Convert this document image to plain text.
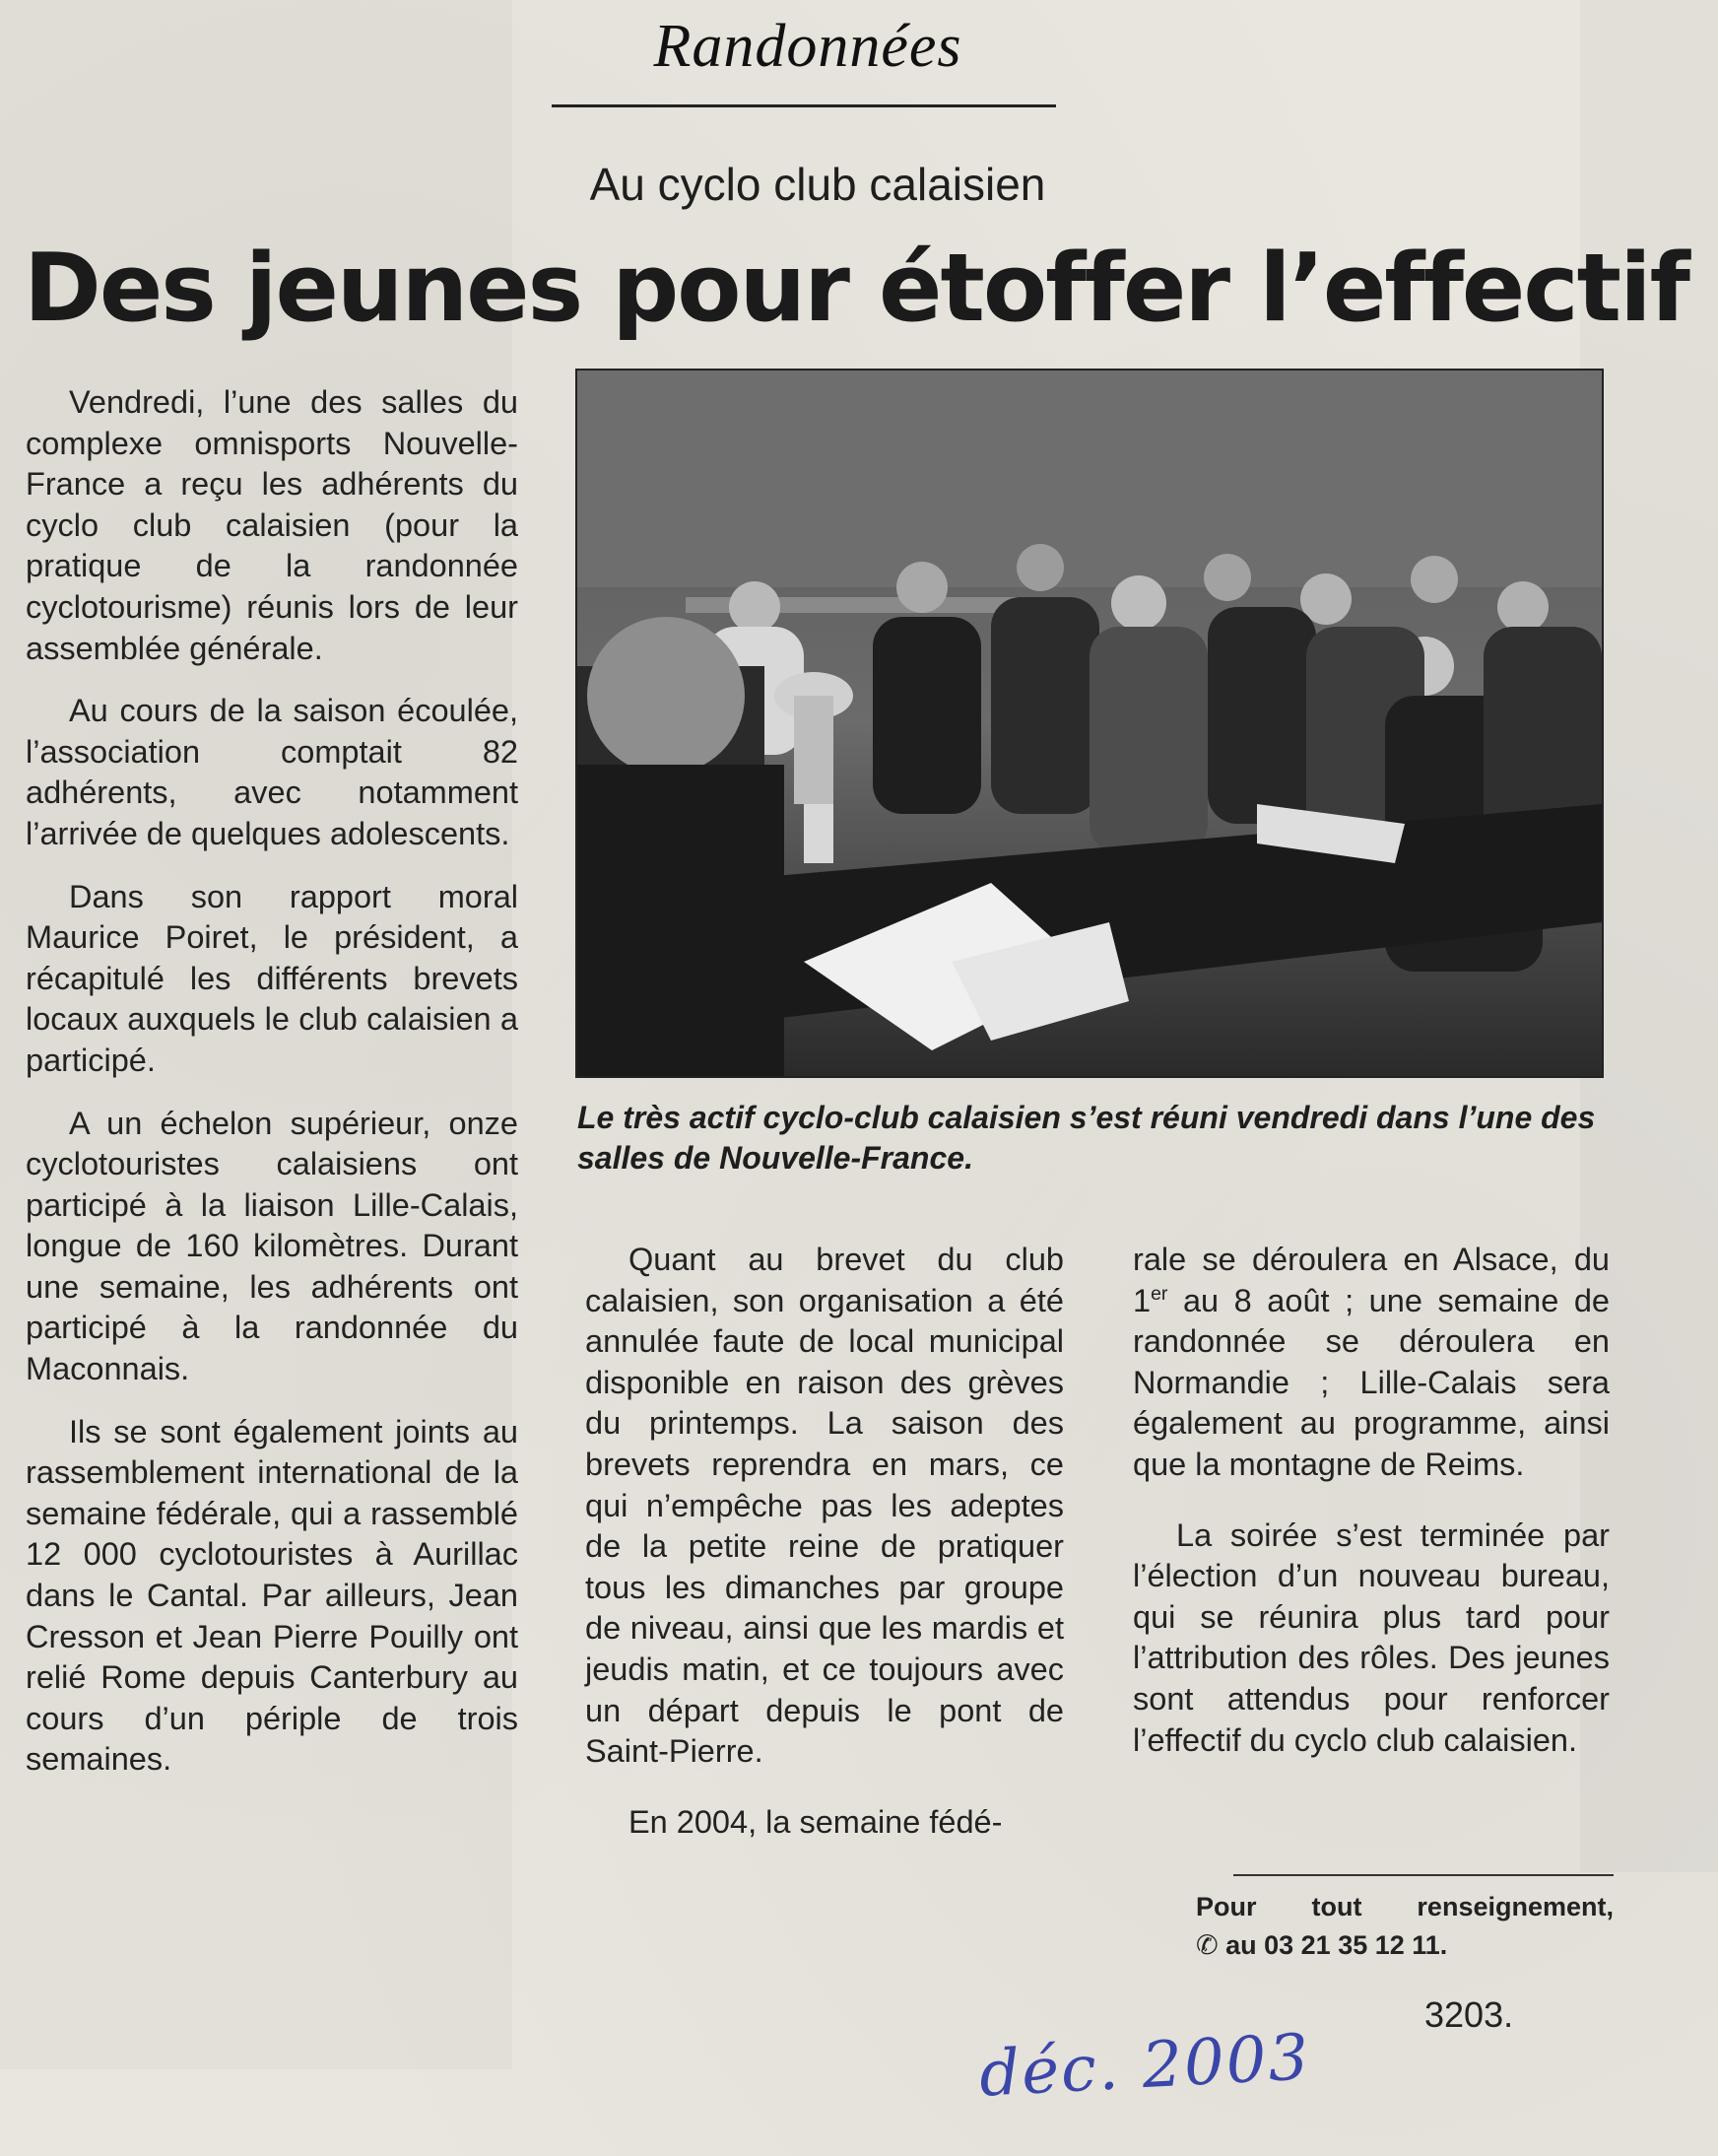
Randonnées
Au cyclo club calaisien
Des jeunes pour étoffer l’effectif

Vendredi, l’une des salles du complexe omnisports Nouvelle-France a reçu les adhérents du cyclo club calaisien (pour la pratique de la randonnée cyclotourisme) réunis lors de leur assemblée générale.

Au cours de la saison écoulée, l’association comptait 82 adhérents, avec notamment l’arrivée de quelques adolescents.

Dans son rapport moral Maurice Poiret, le président, a récapitulé les différents brevets locaux auxquels le club calaisien a participé.

A un échelon supérieur, onze cyclotouristes calaisiens ont participé à la liaison Lille-Calais, longue de 160 kilomètres. Durant une semaine, les adhérents ont participé à la randonnée du Maconnais.

Ils se sont également joints au rassemblement international de la semaine fédérale, qui a rassemblé 12 000 cyclotouristes à Aurillac dans le Cantal. Par ailleurs, Jean Cresson et Jean Pierre Pouilly ont relié Rome depuis Canterbury au cours d’un périple de trois semaines.

Le très actif cyclo-club calaisien s’est réuni vendredi dans l’une des salles de Nouvelle-France.

Quant au brevet du club calaisien, son organisation a été annulée faute de local municipal disponible en raison des grèves du printemps. La saison des brevets reprendra en mars, ce qui n’empêche pas les adeptes de la petite reine de pratiquer tous les dimanches par groupe de niveau, ainsi que les mardis et jeudis matin, et ce toujours avec un départ depuis le pont de Saint-Pierre.

En 2004, la semaine fédé-

rale se déroulera en Alsace, du 1er au 8 août ; une semaine de randonnée se déroulera en Normandie ; Lille-Calais sera également au programme, ainsi que la montagne de Reims.

La soirée s’est terminée par l’élection d’un nouveau bureau, qui se réunira plus tard pour l’attribution des rôles. Des jeunes sont attendus pour renforcer l’effectif du cyclo club calaisien.

Pour tout renseignement,
✆ au 03 21 35 12 11.
3203.
déc. 2003
